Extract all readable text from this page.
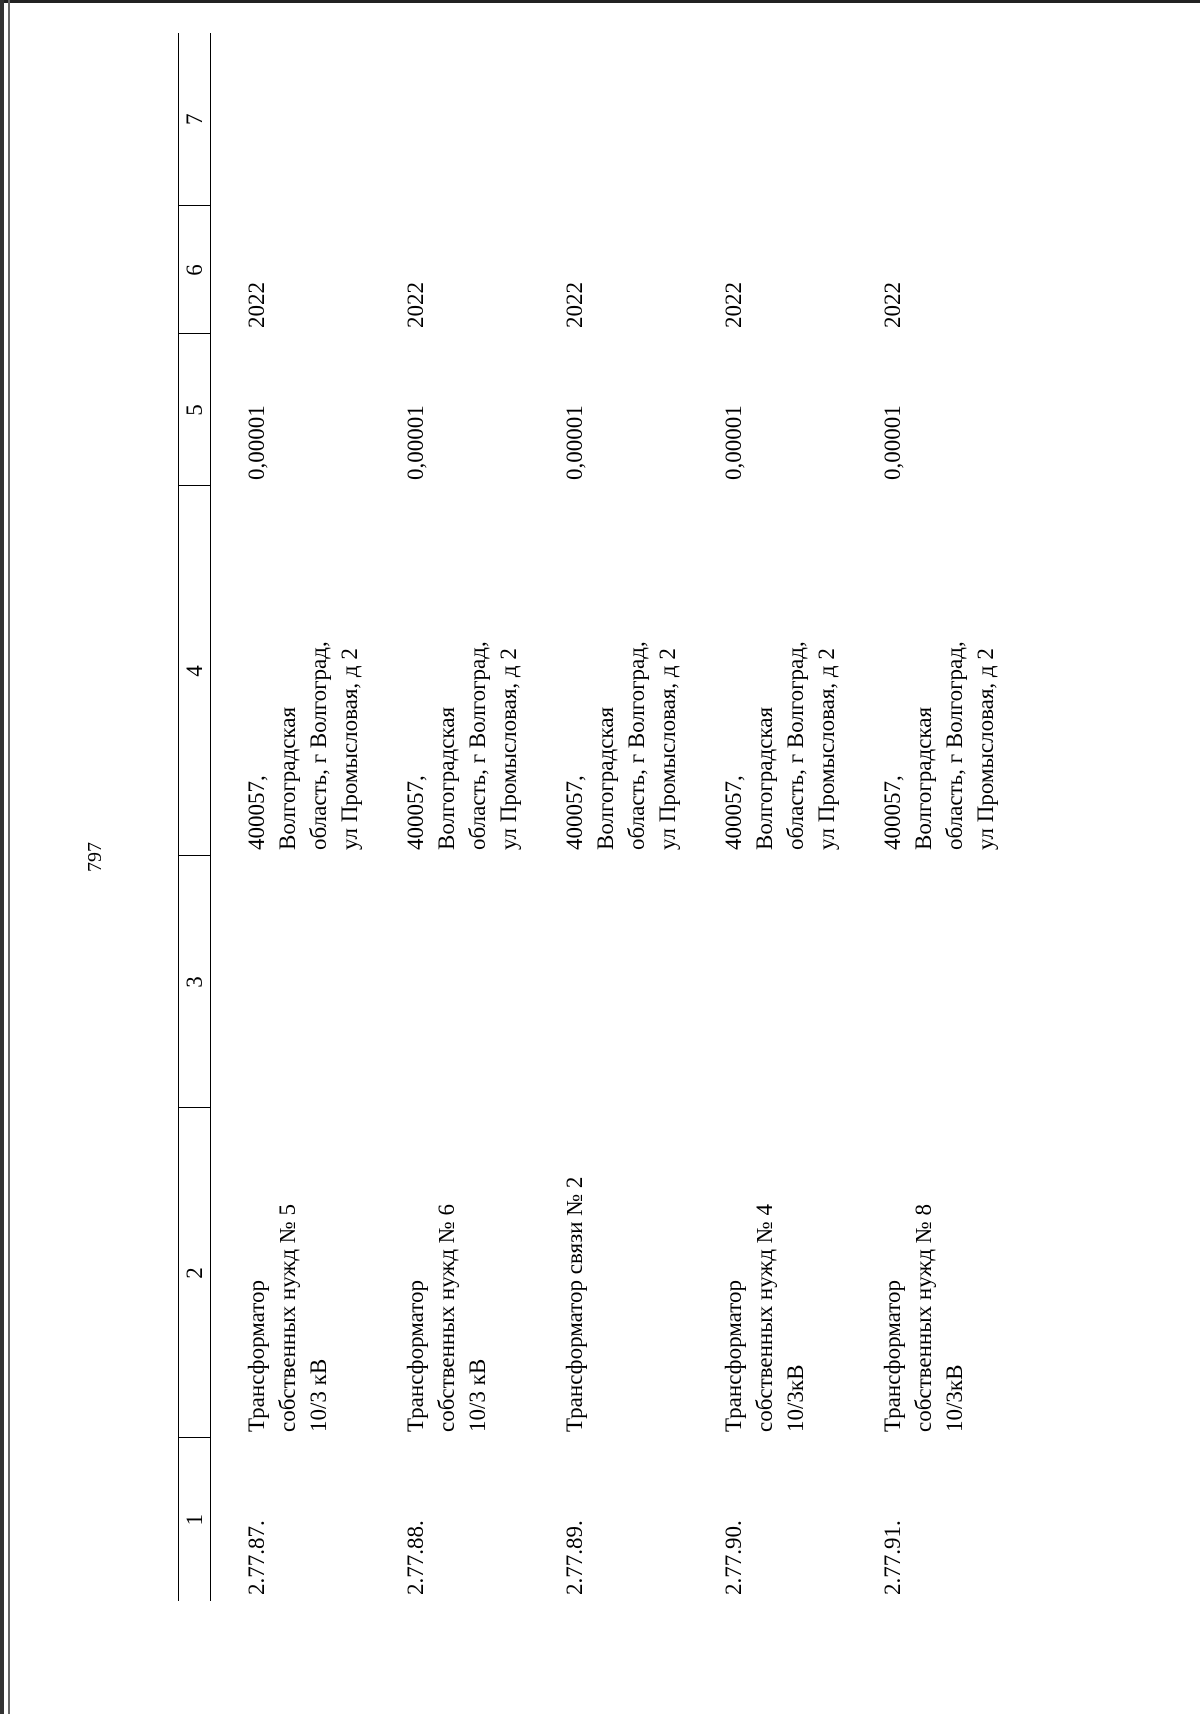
797
1	2	3	4	5	6	7
2.77.87.	Трансформатор
собственных нужд № 5
10/3 кВ		400057,
Волгоградская
область, г Волгоград,
ул Промысловая, д 2	0,00001	2022	
2.77.88.	Трансформатор
собственных нужд № 6
10/3 кВ		400057,
Волгоградская
область, г Волгоград,
ул Промысловая, д 2	0,00001	2022	
2.77.89.	Трансформатор связи № 2		400057,
Волгоградская
область, г Волгоград,
ул Промысловая, д 2	0,00001	2022	
2.77.90.	Трансформатор
собственных нужд № 4
10/3кВ		400057,
Волгоградская
область, г Волгоград,
ул Промысловая, д 2	0,00001	2022	
2.77.91.	Трансформатор
собственных нужд № 8
10/3кВ		400057,
Волгоградская
область, г Волгоград,
ул Промысловая, д 2	0,00001	2022	
